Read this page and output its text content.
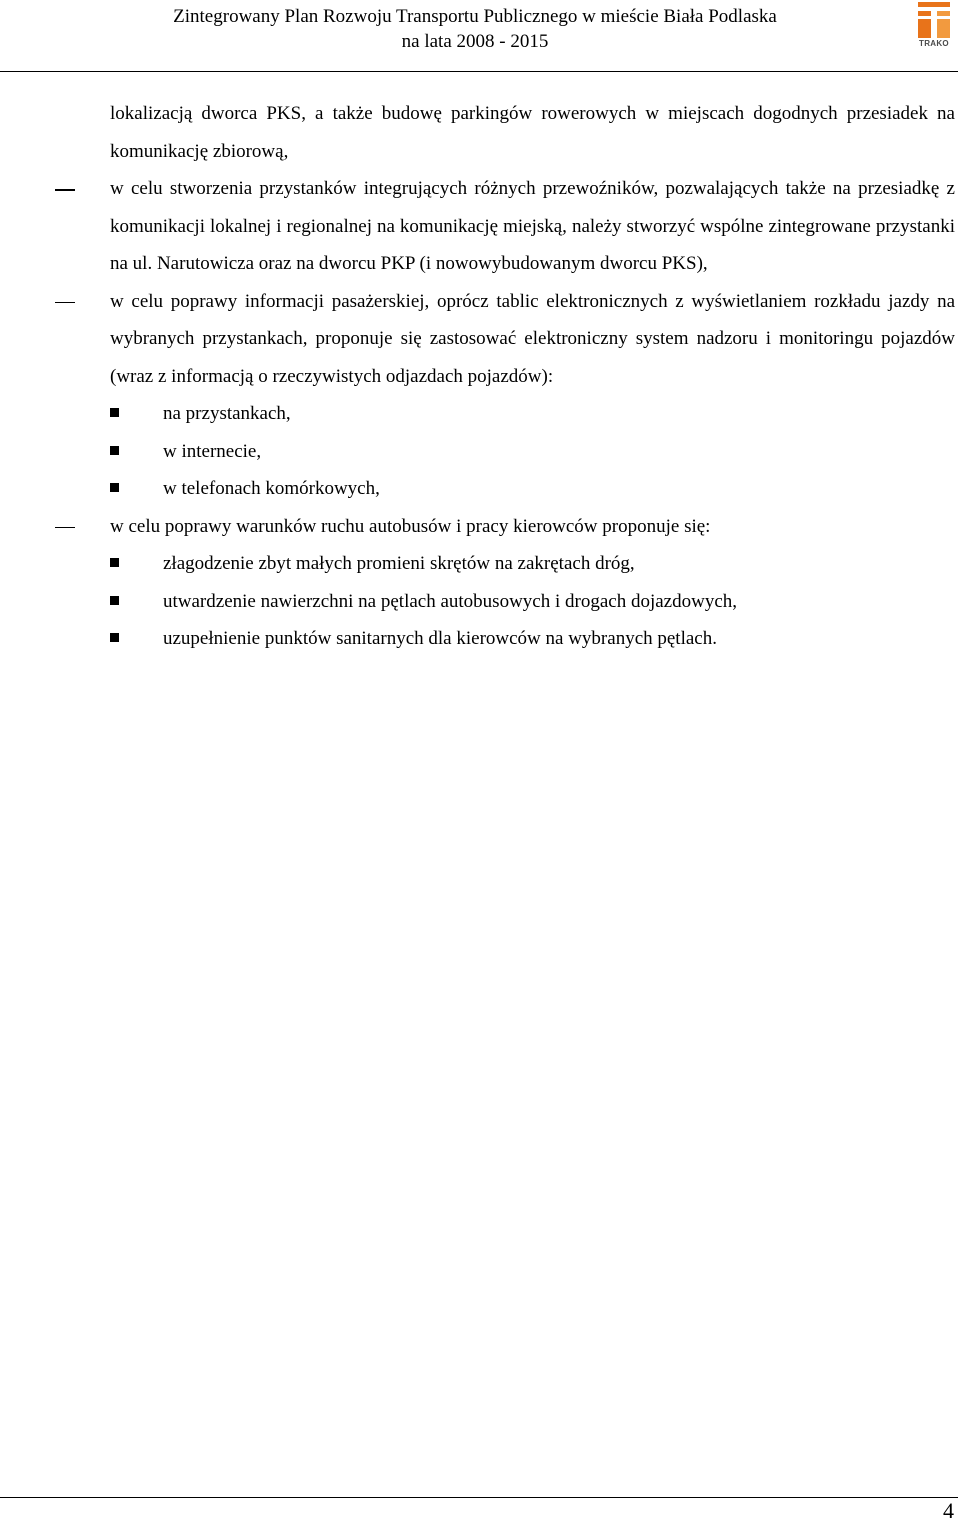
Zintegrowany Plan Rozwoju Transportu Publicznego w mieście Biała Podlaska
na lata 2008 - 2015	TRAKO
lokalizacją dworca PKS, a także budowę parkingów rowerowych w miejscach dogodnych przesiadek na komunikację zbiorową,
w celu stworzenia przystanków integrujących różnych przewoźników, pozwalających także na przesiadkę z komunikacji lokalnej i regionalnej na komunikację miejską, należy stworzyć wspólne zintegrowane przystanki na ul. Narutowicza oraz na dworcu PKP (i nowowybudowanym dworcu PKS),
w celu poprawy informacji pasażerskiej, oprócz tablic elektronicznych z wyświetlaniem rozkładu jazdy na wybranych przystankach, proponuje się zastosować elektroniczny system nadzoru i monitoringu pojazdów (wraz z informacją o rzeczywistych odjazdach pojazdów):
na przystankach,
w internecie,
w telefonach komórkowych,
w celu poprawy warunków ruchu autobusów i pracy kierowców proponuje się:
złagodzenie zbyt małych promieni skrętów na zakrętach dróg,
utwardzenie nawierzchni na pętlach autobusowych i drogach dojazdowych,
uzupełnienie punktów sanitarnych dla kierowców na wybranych pętlach.
4
